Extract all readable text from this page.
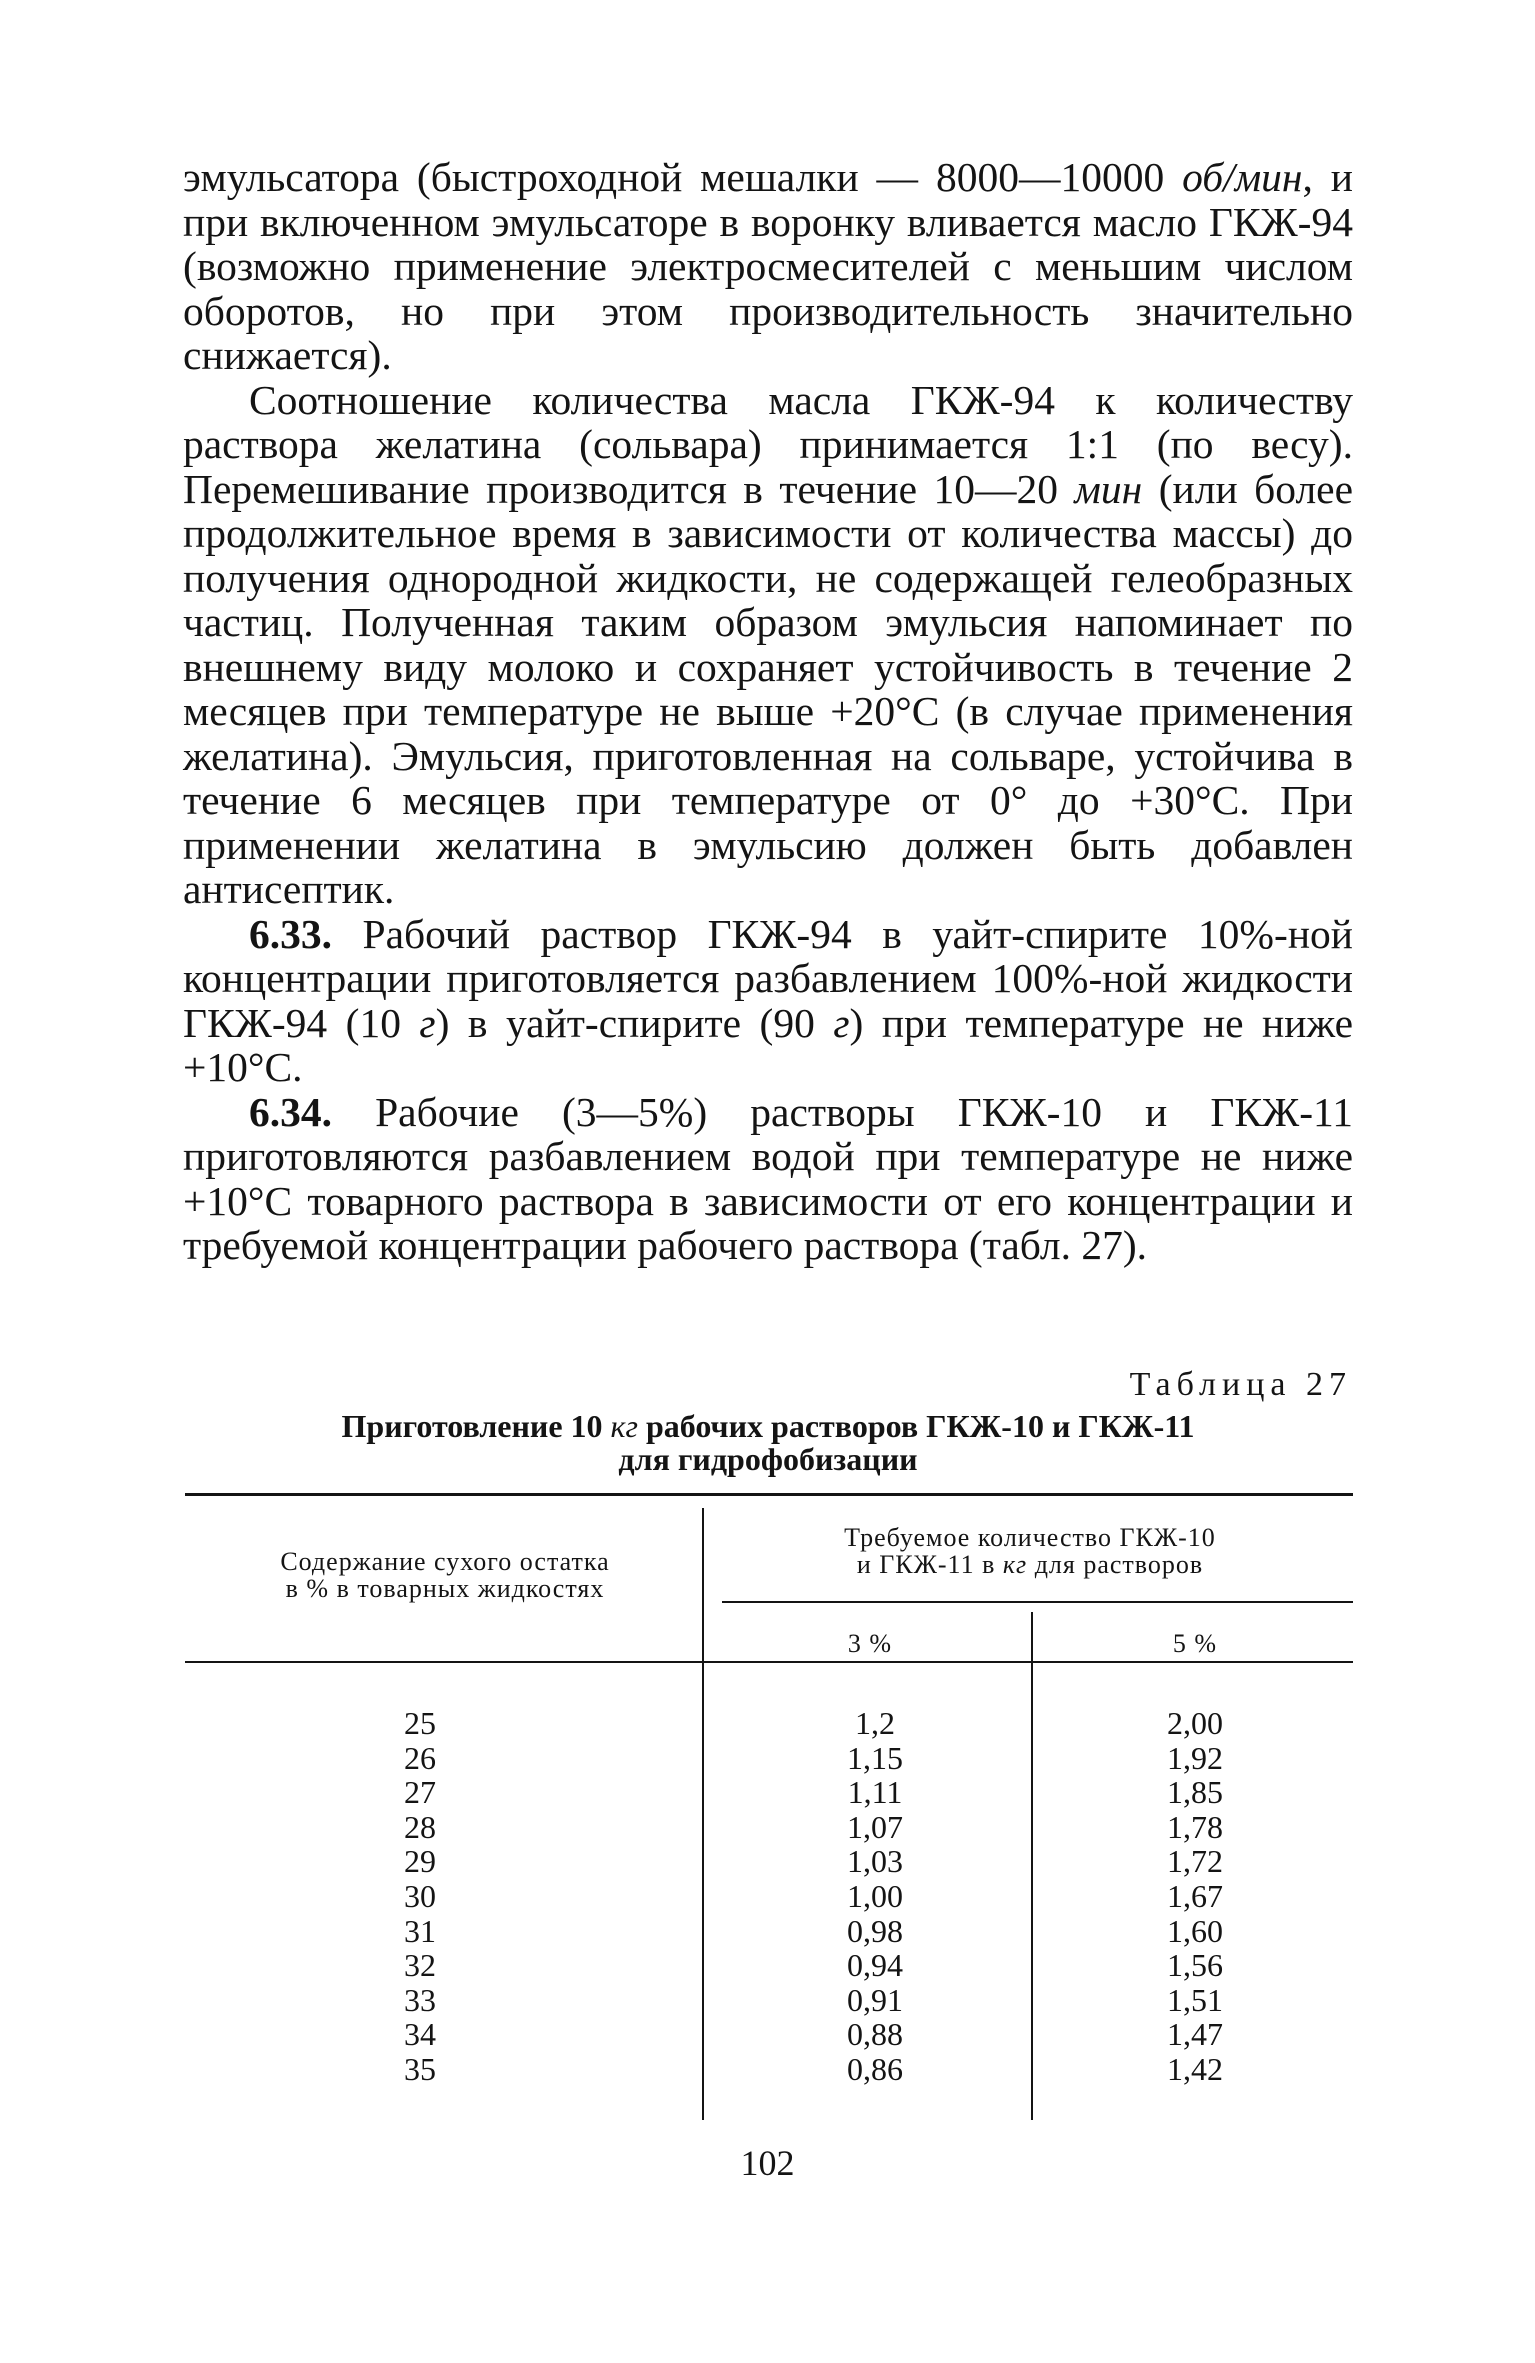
эмульсатора (быстроходной мешалки — 8000—10000 об/мин, и при включенном эмульсаторе в воронку вливается масло ГКЖ-94 (возможно применение электросмесителей с меньшим числом оборотов, но при этом производительность значительно снижается).

Соотношение количества масла ГКЖ-94 к количеству раствора желатина (сольвара) принимается 1:1 (по весу). Перемешивание производится в течение 10—20 мин (или более продолжительное время в зависимости от количества массы) до получения однородной жидкости, не содержащей гелеобразных частиц. Полученная таким образом эмульсия напоминает по внешнему виду молоко и сохраняет устойчивость в течение 2 месяцев при температуре не выше +20°C (в случае применения желатина). Эмульсия, приготовленная на сольваре, устойчива в течение 6 месяцев при температуре от 0° до +30°C. При применении желатина в эмульсию должен быть добавлен антисептик.

6.33. Рабочий раствор ГКЖ-94 в уайт-спирите 10%-ной концентрации приготовляется разбавлением 100%-ной жидкости ГКЖ-94 (10 г) в уайт-спирите (90 г) при температуре не ниже +10°C.

6.34. Рабочие (3—5%) растворы ГКЖ-10 и ГКЖ-11 приготовляются разбавлением водой при температуре не ниже +10°C товарного раствора в зависимости от его концентрации и требуемой концентрации рабочего раствора (табл. 27).

Таблица 27
Приготовление 10 кг рабочих растворов ГКЖ-10 и ГКЖ-11
для гидрофобизации
Содержание сухого остатка
в % в товарных жидкостях
Требуемое количество ГКЖ-10
и ГКЖ-11 в кг для растворов
3 %	5 %
25
26
27
28
29
30
31
32
33
34
35
1,2
1,15
1,11
1,07
1,03
1,00
0,98
0,94
0,91
0,88
0,86
2,00
1,92
1,85
1,78
1,72
1,67
1,60
1,56
1,51
1,47
1,42
102
